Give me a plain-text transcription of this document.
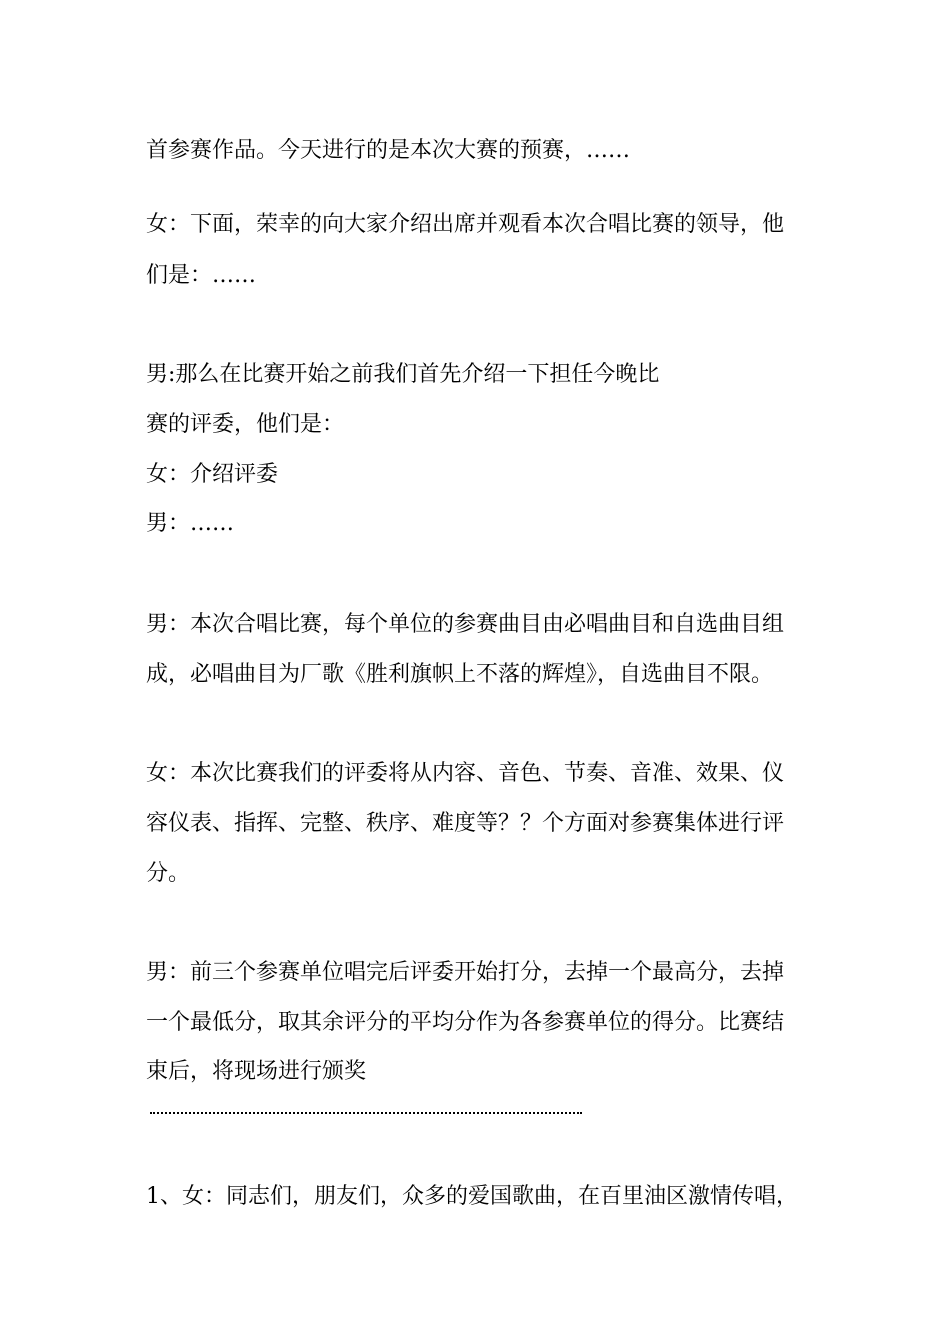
首参赛作品。今天进行的是本次大赛的预赛，……

女：下面，荣幸的向大家介绍出席并观看本次合唱比赛的领导，他

们是：……

男:那么在比赛开始之前我们首先介绍一下担任今晚比

赛的评委，他们是：

女：介绍评委

男：……

男：本次合唱比赛，每个单位的参赛曲目由必唱曲目和自选曲目组

成，必唱曲目为厂歌《胜利旗帜上不落的辉煌》，自选曲目不限。

女：本次比赛我们的评委将从内容、音色、节奏、音准、效果、仪

容仪表、指挥、完整、秩序、难度等？？个方面对参赛集体进行评

分。

男：前三个参赛单位唱完后评委开始打分，去掉一个最高分，去掉

一个最低分，取其余评分的平均分作为各参赛单位的得分。比赛结

束后，将现场进行颁奖

1、女：同志们，朋友们，众多的爱国歌曲，在百里油区激情传唱，
